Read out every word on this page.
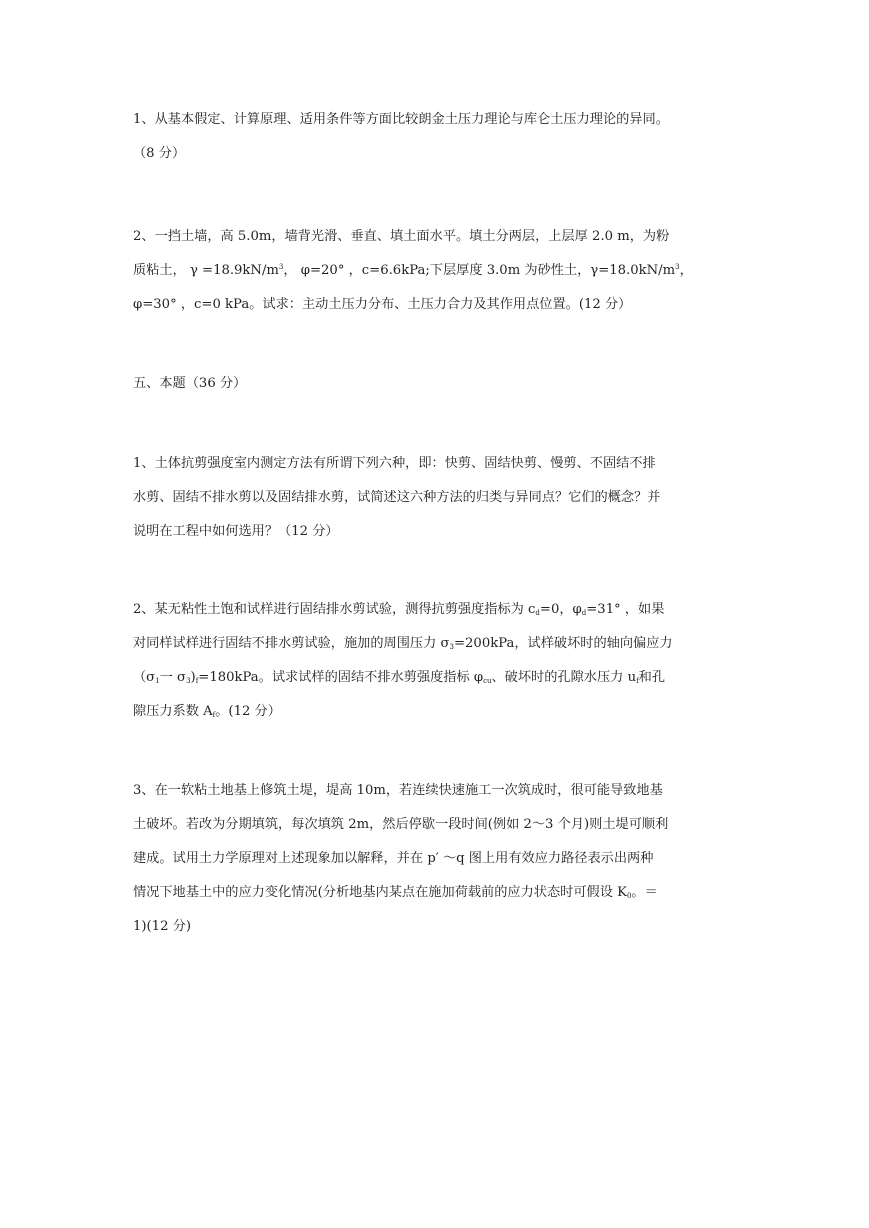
1、从基本假定、计算原理、适用条件等方面比较朗金土压力理论与库仑土压力理论的异同。
（8 分）
2、一挡土墙，高 5.0m，墙背光滑、垂直、填土面水平。填土分两层，上层厚 2.0 m，为粉
质粘土， $\gamma =18.9kN/m^3$， φ=20° ，c=6.6kPa;下层厚度 3.0m 为砂性土，$\gamma=18.0kN/m^3$，
φ=30° ，c=0 kPa。试求：主动土压力分布、土压力合力及其作用点位置。(12 分）
五、本题（36 分）
1、土体抗剪强度室内测定方法有所谓下列六种，即：快剪、固结快剪、慢剪、不固结不排
水剪、固结不排水剪以及固结排水剪，试简述这六种方法的归类与异同点？它们的概念？并
说明在工程中如何选用？（12 分）
2、某无粘性土饱和试样进行固结排水剪试验，测得抗剪强度指标为 $c_d=0$，$\varphi_d=31^\circ$ ，如果
对同样试样进行固结不排水剪试验，施加的周围压力 $\sigma_3=200kPa$，试样破坏时的轴向偏应力
（$\sigma_1$一 $\sigma_3)_f=180kPa$。试求试样的固结不排水剪强度指标 $\varphi_{cu}$、破坏时的孔隙水压力 $u_f$和孔
隙压力系数 $A_f$。(12 分）
3、在一软粘土地基上修筑土堤，堤高 10m，若连续快速施工一次筑成时，很可能导致地基
土破坏。若改为分期填筑，每次填筑 2m，然后停歇一段时间(例如 2～3 个月)则土堤可顺利
建成。试用土力学原理对上述现象加以解释，并在 p′ ～q 图上用有效应力路径表示出两种
情况下地基土中的应力变化情况(分析地基内某点在施加荷载前的应力状态时可假设 $K_0$。＝
1)(12 分)
